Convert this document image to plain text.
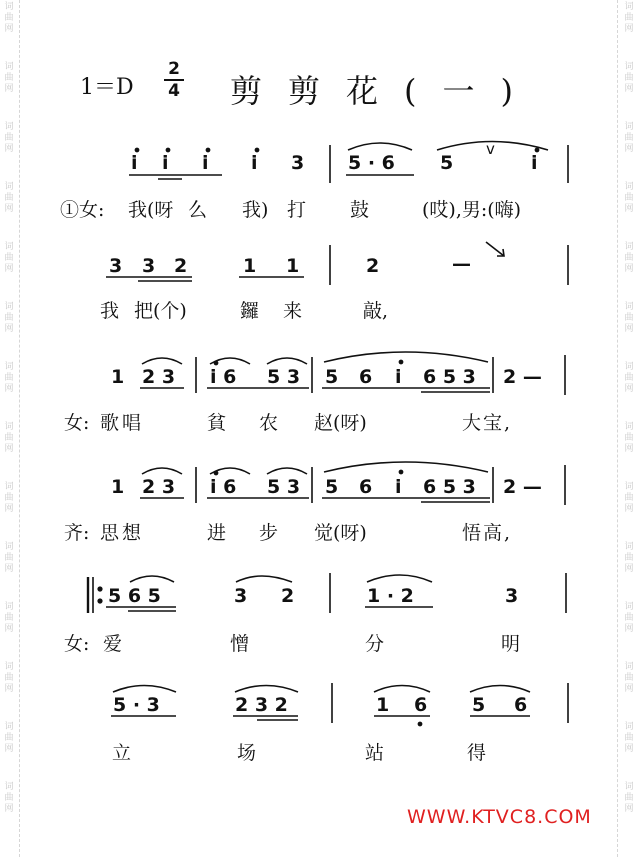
词
曲
网
词
曲
网
词
曲
网
词
曲
网
词
曲
网
词
曲
网
词
曲
网
词
曲
网
词
曲
网
词
曲
网
词
曲
网
词
曲
网
词
曲
网
词
曲
网
词
曲
网
词
曲
网
词
曲
网
词
曲
网
词
曲
网
词
曲
网
词
曲
网
词
曲
网
词
曲
网
词
曲
网
词
曲
网
词
曲
网
词
曲
网
词
曲
网
1＝D
2
4 剪剪花(一)
i i i i 3 5 · 6 5
v
i
①女: 我(呀 么 我) 打 鼓	(哎),男:(嗨)
3 3 2	1 1	2	—
我 把(个)	鑼 来	敲,
1 2 3 i 6 5 3 5 6 i 6 5 3 2 —
女: 歌唱	貧 农 赵(呀)	大宝,
1 2 3 i 6 5 3 5 6 i 6 5 3 2 —
齐: 思想	进 步 觉(呀)	悟高,
5 6 5	3 2	1 · 2	3
女: 爱	憎	分	明
5 · 3	2 3 2	1 6 5 6
立	场	站	得
WWW.KTVC8.COM
